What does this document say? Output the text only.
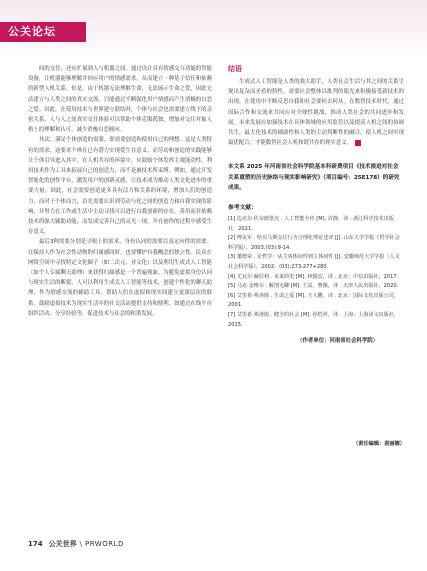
公关论坛

间的交往，还应扩展到人与机器之间。通过设计具有情感交互功能的智能设备，让机器能够理解并回应用户的情感需求，从而建立一种基于信任和依赖的新型人机关系。但是，由于机器无法理解生命，无法展示生命之爱，因此无法建立与人类之间的真实交流。只能通过不断强化用户情感而产生消极的自恋之爱。因此，在使用技术与世界建立联结时，个体与社会也需要建立线下的亲密关系。人与人之间真实交往体验可以帮助个体克服孤独，增加对交往对象人格上的理解和认可，减少消极自恋倾向。

其次，满足个体创造的需要，即需要创造和使用自己的理想。这是人类特有的需求，这要求个体在已有潜力实现爱生存意义，而劳动和创造的实践能够让个体引导进入其中。在人机共存的环境中，应鼓励个体发挥主观能动性，利用技术作为工具来拓展自己的创造力，而不是被技术所束缚。例如，通过开发智能化的创作平台，激发用户的创新灵感，让技术成为推动人类文化进步的重要力量。因此，社会需要创造更多具有活力和关系的环境，增加人们的创造力，而对于个体而言，首先需要认识到劳动与化之间的创造力和自我实现的影响，并努力在工作或生活中主动寻找可以进行自我创新的存在。善用而非依赖技术的强大辅助功能，而发成完善自己的灵光一现，开在创作的过程中感受生存意义。

最后3种需要分别是寻根上的需求、身份认同的需要以及定向性的需要。在保持人作为社会性动物的归属感同时，也要懂护自我概念的独立性。民众在网络空间中寻找特定文化圈子（如二次元、亚文化）以及利用生成式人工智能（如个人专属聊天助理）来获得归属感是一个普遍现象。为避免虚拟身份认同与现实生活的断裂，人可以利用生成式人工智能等技术，创建个性化的聊天助理，作为情感交流的辅助工具。帮助人们在虚拟和现实间建立更深层次的联系。鼓励虚拟技术为现实生活中的社交活动提供支持和便利，如通过在线平台组织活动、分享经验等，促进技术与社会的和谐发展。

结语

生成式人工智能是人类的强大助手，人类社会生活与其之间的关系呈现出复杂而矛盾的特性，需要社会整体以批判的眼光来积极接受新技术的出现，在使用中不断反思自我和社会要何去何从。在数智技术时代，通过国际合作和交流来共同应对全球性挑战，推动人类社会的共同进步和发展。未来发展应加强技术在具体领域的应用监管以及提高人机之间的协调共生，最大化技术的辅助性和人类的主动判断性的融合，使人机之间实现最优配合，才能数智社会人机和谐共存的现实意义。

本文系 2025 年河南省社会科学院基本科研费项目《技术演进对社会关系重塑的历史脉络与现实影响研究》（项目编号：25E178）的研究成果。
参考文献：
[1] 边克尔·佐尔德堡克 . 人工智能全传 [M]. 许静，译 . 浙江科学技术出版社，2021.
[2] 傅永军 . 哈贝马斯交往行为合理化理论述评 [J]. 山东大学学报（哲学社会科学版），2003,(03):9-14.
[3] 董德荣 . 论哲学：从主客体间性到主体间性 [J]. 安徽师范大学学报（人文社会科学版），2002，(03):273-277+280.
[4] 尤瓦尔·赫拉利 . 未来简史 [M]. 林俊宏，译 . 北京：中信出版社，2017.
[5] 马克·金维尔 . 解剖无聊 [M]. 王益，曹佩，译 . 天津人民出版社，2020.
[6] 艾里希·弗洛姆 . 生命之爱 [M]. 王大鹏，译 . 北京：国际文化出版公司，2001.
[7] 艾里希·弗洛姆 . 健全的社会 [M]. 孙恺祥，译 . 上海：上海译文出版社，2015.
（作者单位：河南省社会科学院）
（责任编辑：袁丽娜）
174 公关世界 \ PRWORLD
